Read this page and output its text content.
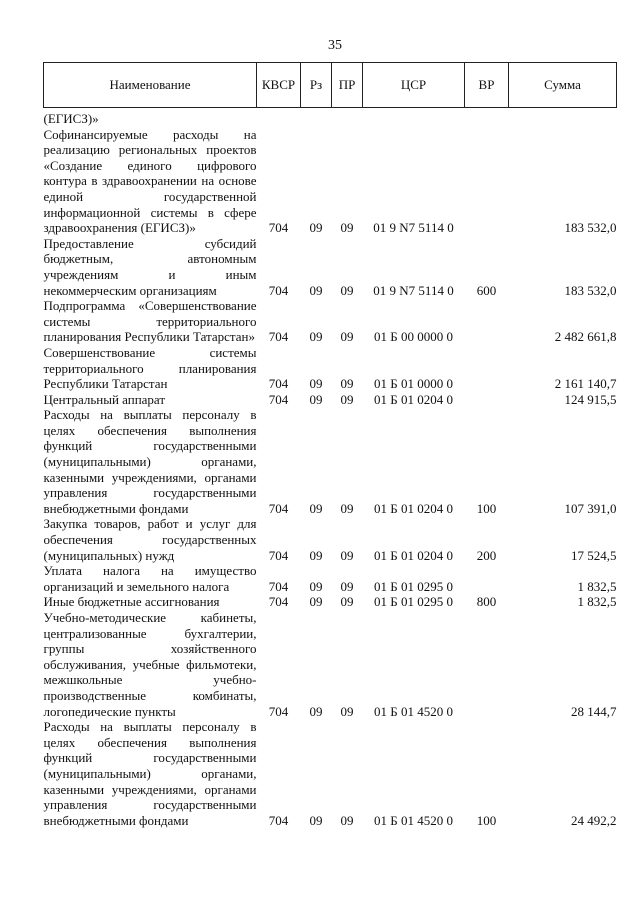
35
Наименование	КВСР	Рз	ПР	ЦСР	ВР	Сумма
(ЕГИСЗ)»						
Софинансируемые расходы на реализацию региональных проектов «Создание единого цифрового контура в здравоохранении на основе единой государственной информационной системы в сфере здравоохранения (ЕГИСЗ)»	704	09	09	01 9 N7 5114 0		183 532,0
Предоставление субсидий бюджетным, автономным учреждениям и иным некоммерческим организациям	704	09	09	01 9 N7 5114 0	600	183 532,0
Подпрограмма «Совершенствование системы территориального планирования Республики Татарстан»	704	09	09	01 Б 00 0000 0		2 482 661,8
Совершенствование системы территориального планирования Республики Татарстан	704	09	09	01 Б 01 0000 0		2 161 140,7
Центральный аппарат	704	09	09	01 Б 01 0204 0		124 915,5
Расходы на выплаты персоналу в целях обеспечения выполнения функций государственными (муниципальными) органами, казенными учреждениями, органами управления государственными внебюджетными фондами	704	09	09	01 Б 01 0204 0	100	107 391,0
Закупка товаров, работ и услуг для обеспечения государственных (муниципальных) нужд	704	09	09	01 Б 01 0204 0	200	17 524,5
Уплата налога на имущество организаций и земельного налога	704	09	09	01 Б 01 0295 0		1 832,5
Иные бюджетные ассигнования	704	09	09	01 Б 01 0295 0	800	1 832,5
Учебно-методические кабинеты, централизованные бухгалтерии, группы хозяйственного обслуживания, учебные фильмотеки, межшкольные учебно-производственные комбинаты, логопедические пункты	704	09	09	01 Б 01 4520 0		28 144,7
Расходы на выплаты персоналу в целях обеспечения выполнения функций государственными (муниципальными) органами, казенными учреждениями, органами управления государственными внебюджетными фондами	704	09	09	01 Б 01 4520 0	100	24 492,2
